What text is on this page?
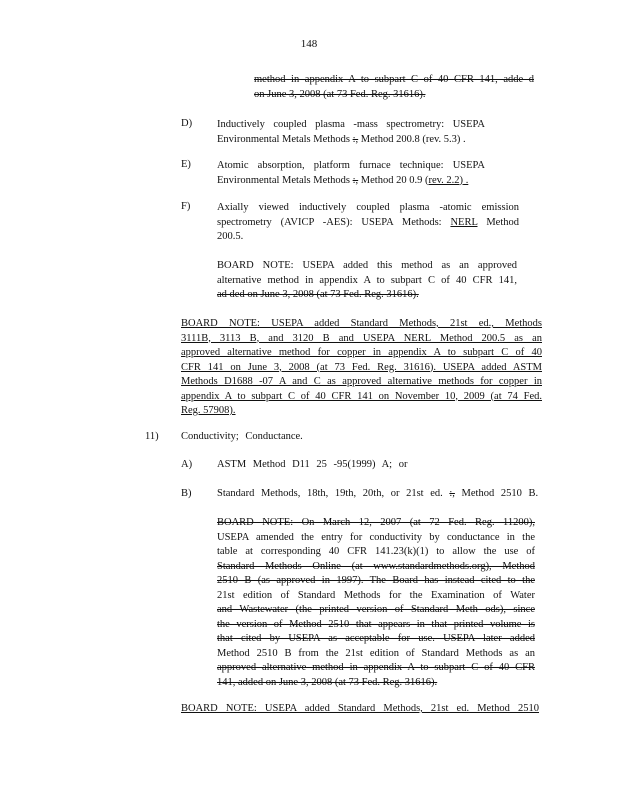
148
method in appendix A to subpart C of 40 CFR 141, adde d
on June 3, 2008 (at 73 Fed. Reg. 31616).
D) Inductively coupled plasma -mass spectrometry: USEPA
Environmental Metals Methods :, Method 200.8 (rev. 5.3) .
E) Atomic absorption, platform furnace technique: USEPA
Environmental Metals Methods :, Method 20 0.9 (rev. 2.2) .
F)	Axially viewed inductively coupled plasma -atomic emission
spectrometry (AVICP -AES): USEPA Methods: NERL Method
200.5.
BOARD NOTE: USEPA added this method as an approved
alternative method in appendix A to subpart C of 40 CFR 141,
ad ded on June 3, 2008 (at 73 Fed. Reg. 31616).
BOARD NOTE: USEPA added Standard Methods, 21st ed., Methods
3111B, 3113 B, and 3120 B and USEPA NERL Method 200.5 as an
approved alternative method for copper in appendix A to subpart C of 40
CFR 141 on June 3, 2008 (at 73 Fed. Reg. 31616). USEPA added ASTM
Methods D1688 -07 A and C as approved alternative methods for copper in
appendix A to subpart C of 40 CFR 141 on November 10, 2009 (at 74 Fed.
Reg. 57908).
11) Conductivity; Conductance.
A) ASTM Method D11 25 -95(1999) A; or
B) Standard Methods, 18th, 19th, 20th, or 21st ed. :, Method 2510 B.
BOARD NOTE: On March 12, 2007 (at 72 Fed. Reg. 11200),
USEPA amended the entry for conductivity by conductance in the
table at corresponding 40 CFR 141.23(k)(1) to allow the use of
Standard Methods Online (at www.standardmethods.org), Method
2510 B (as approved in 1997). The Board has instead cited to the
21st edition of Standard Methods for the Examination of Water
and Wastewater (the printed version of Standard Meth ods), since
the version of Method 2510 that appears in that printed volume is
that cited by USEPA as acceptable for use. USEPA later added
Method 2510 B from the 21st edition of Standard Methods as an
approved alternative method in appendix A to subpart C of 40 CFR
141, added on June 3, 2008 (at 73 Fed. Reg. 31616).
BOARD NOTE: USEPA added Standard Methods, 21st ed. Method 2510
